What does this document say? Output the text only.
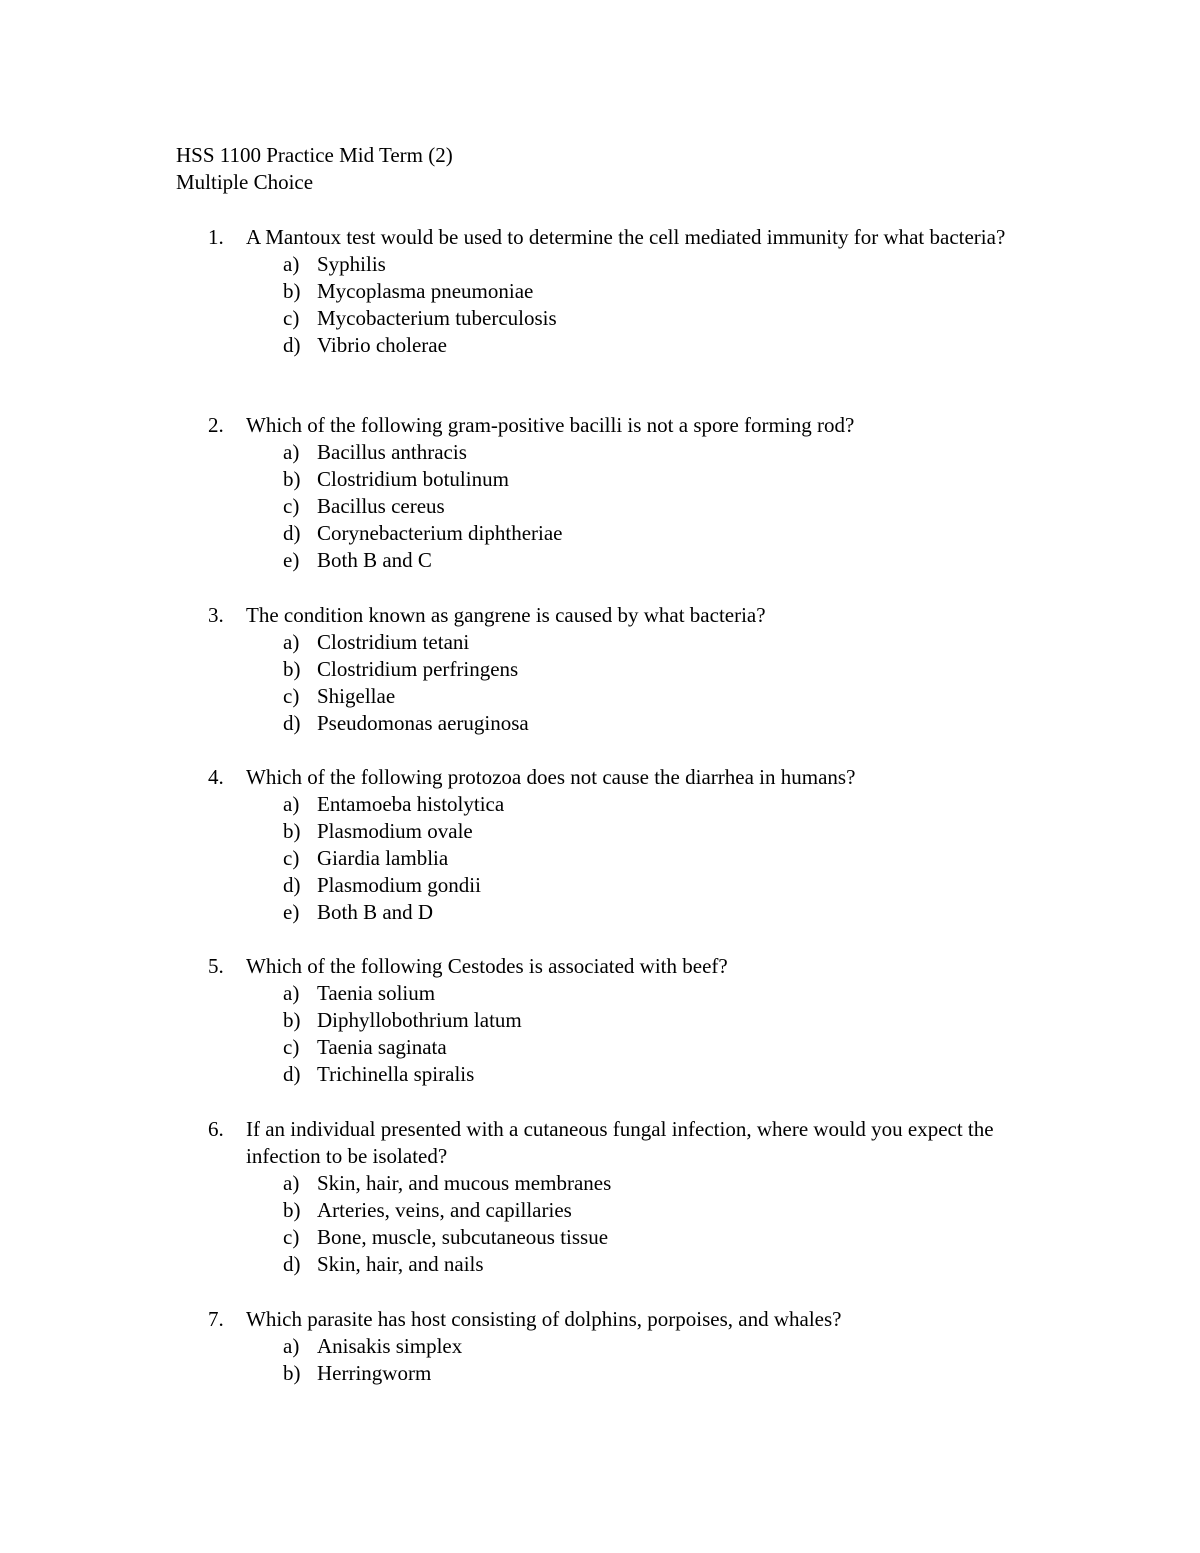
HSS 1100 Practice Mid Term (2)
Multiple Choice
1.	A Mantoux test would be used to determine the cell mediated immunity for what bacteria?
a) Syphilis
b) Mycoplasma pneumoniae
c) Mycobacterium tuberculosis
d) Vibrio cholerae
2.	Which of the following gram-positive bacilli is not a spore forming rod?
a) Bacillus anthracis
b) Clostridium botulinum
c) Bacillus cereus
d) Corynebacterium diphtheriae
e) Both B and C
3.	The condition known as gangrene is caused by what bacteria?
a) Clostridium tetani
b) Clostridium perfringens
c) Shigellae
d) Pseudomonas aeruginosa
4.	Which of the following protozoa does not cause the diarrhea in humans?
a) Entamoeba histolytica
b) Plasmodium ovale
c) Giardia lamblia
d) Plasmodium gondii
e) Both B and D
5.	Which of the following Cestodes is associated with beef?
a) Taenia solium
b) Diphyllobothrium latum
c) Taenia saginata
d) Trichinella spiralis
6.	If an individual presented with a cutaneous fungal infection, where would you expect the infection to be isolated?
a) Skin, hair, and mucous membranes
b) Arteries, veins, and capillaries
c) Bone, muscle, subcutaneous tissue
d) Skin, hair, and nails
7.	Which parasite has host consisting of dolphins, porpoises, and whales?
a) Anisakis simplex
b) Herringworm
